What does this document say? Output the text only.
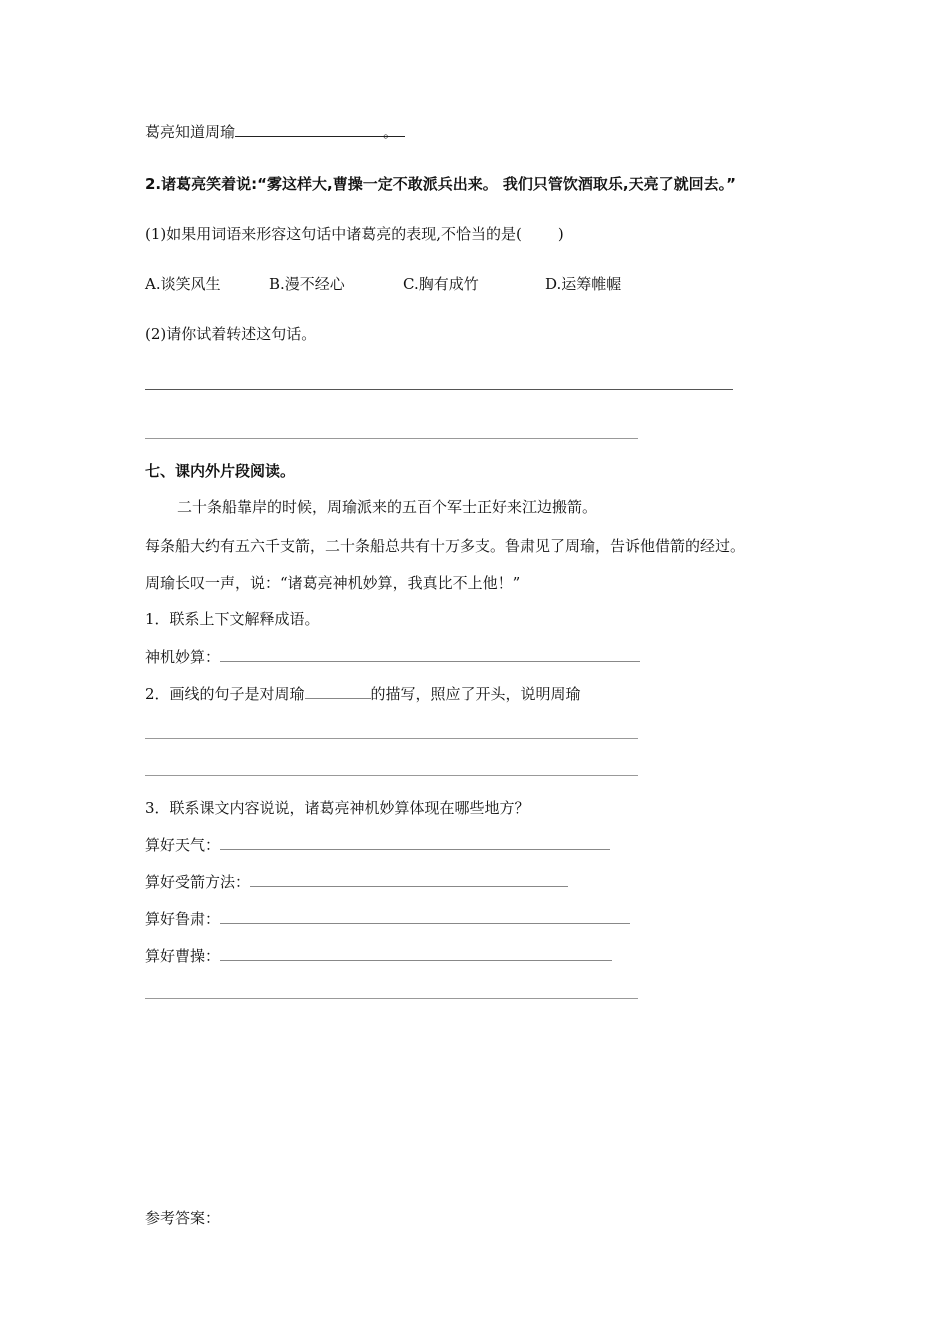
葛亮知道周瑜	。
2.诸葛亮笑着说:“雾这样大,曹操一定不敢派兵出来。 我们只管饮酒取乐,天亮了就回去。”
(1)如果用词语来形容这句话中诸葛亮的表现,不恰当的是( )
A.谈笑风生	B.漫不经心	C.胸有成竹	D.运筹帷幄
(2)请你试着转述这句话。
七、课内外片段阅读。
二十条船靠岸的时候，周瑜派来的五百个军士正好来江边搬箭。
每条船大约有五六千支箭，二十条船总共有十万多支。鲁肃见了周瑜，告诉他借箭的经过。
周瑜长叹一声，说：“诸葛亮神机妙算，我真比不上他！”
1．联系上下文解释成语。
神机妙算：
2．画线的句子是对周瑜	的描写，照应了开头，说明周瑜
3．联系课文内容说说，诸葛亮神机妙算体现在哪些地方？
算好天气：
算好受箭方法：
算好鲁肃：
算好曹操：
参考答案：
